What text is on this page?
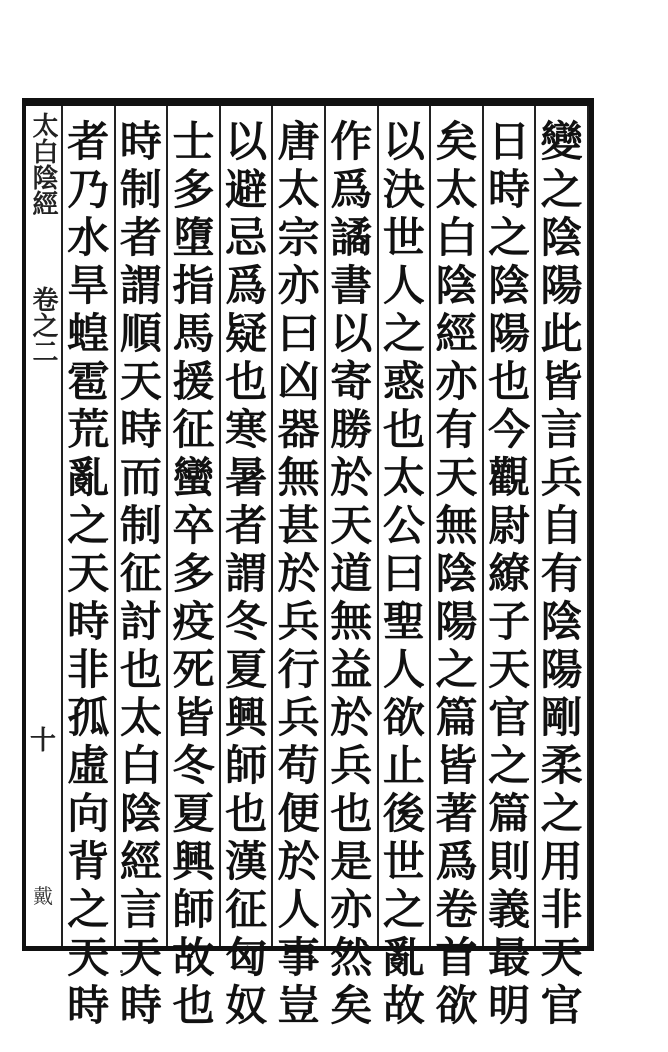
太白陰經
卷之二
十
戴
變
之
陰
陽
此
皆
言
兵
自
有
陰
陽
剛
柔
之
用
非
天
官
日
時
之
陰
陽
也
今
觀
尉
繚
子
天
官
之
篇
則
義
最
明
矣
太
白
陰
經
亦
有
天
無
陰
陽
之
篇
皆
著
爲
卷
首
欲
以
決
世
人
之
惑
也
太
公
曰
聖
人
欲
止
後
世
之
亂
故
作
爲
譎
書
以
寄
勝
於
天
道
無
益
於
兵
也
是
亦
然
矣
唐
太
宗
亦
曰
凶
器
無
甚
於
兵
行
兵
苟
便
於
人
事
豈
以
避
忌
爲
疑
也
寒
暑
者
謂
冬
夏
興
師
也
漢
征
匈
奴
士
多
墮
指
馬
援
征
蠻
卒
多
疫
死
皆
冬
夏
興
師
故
也
時
制
者
謂
順
天
時
而
制
征
討
也
太
白
陰
經
言
天
時
者
乃
水
旱
蝗
雹
荒
亂
之
天
時
非
孤
虛
向
背
之
天
時
